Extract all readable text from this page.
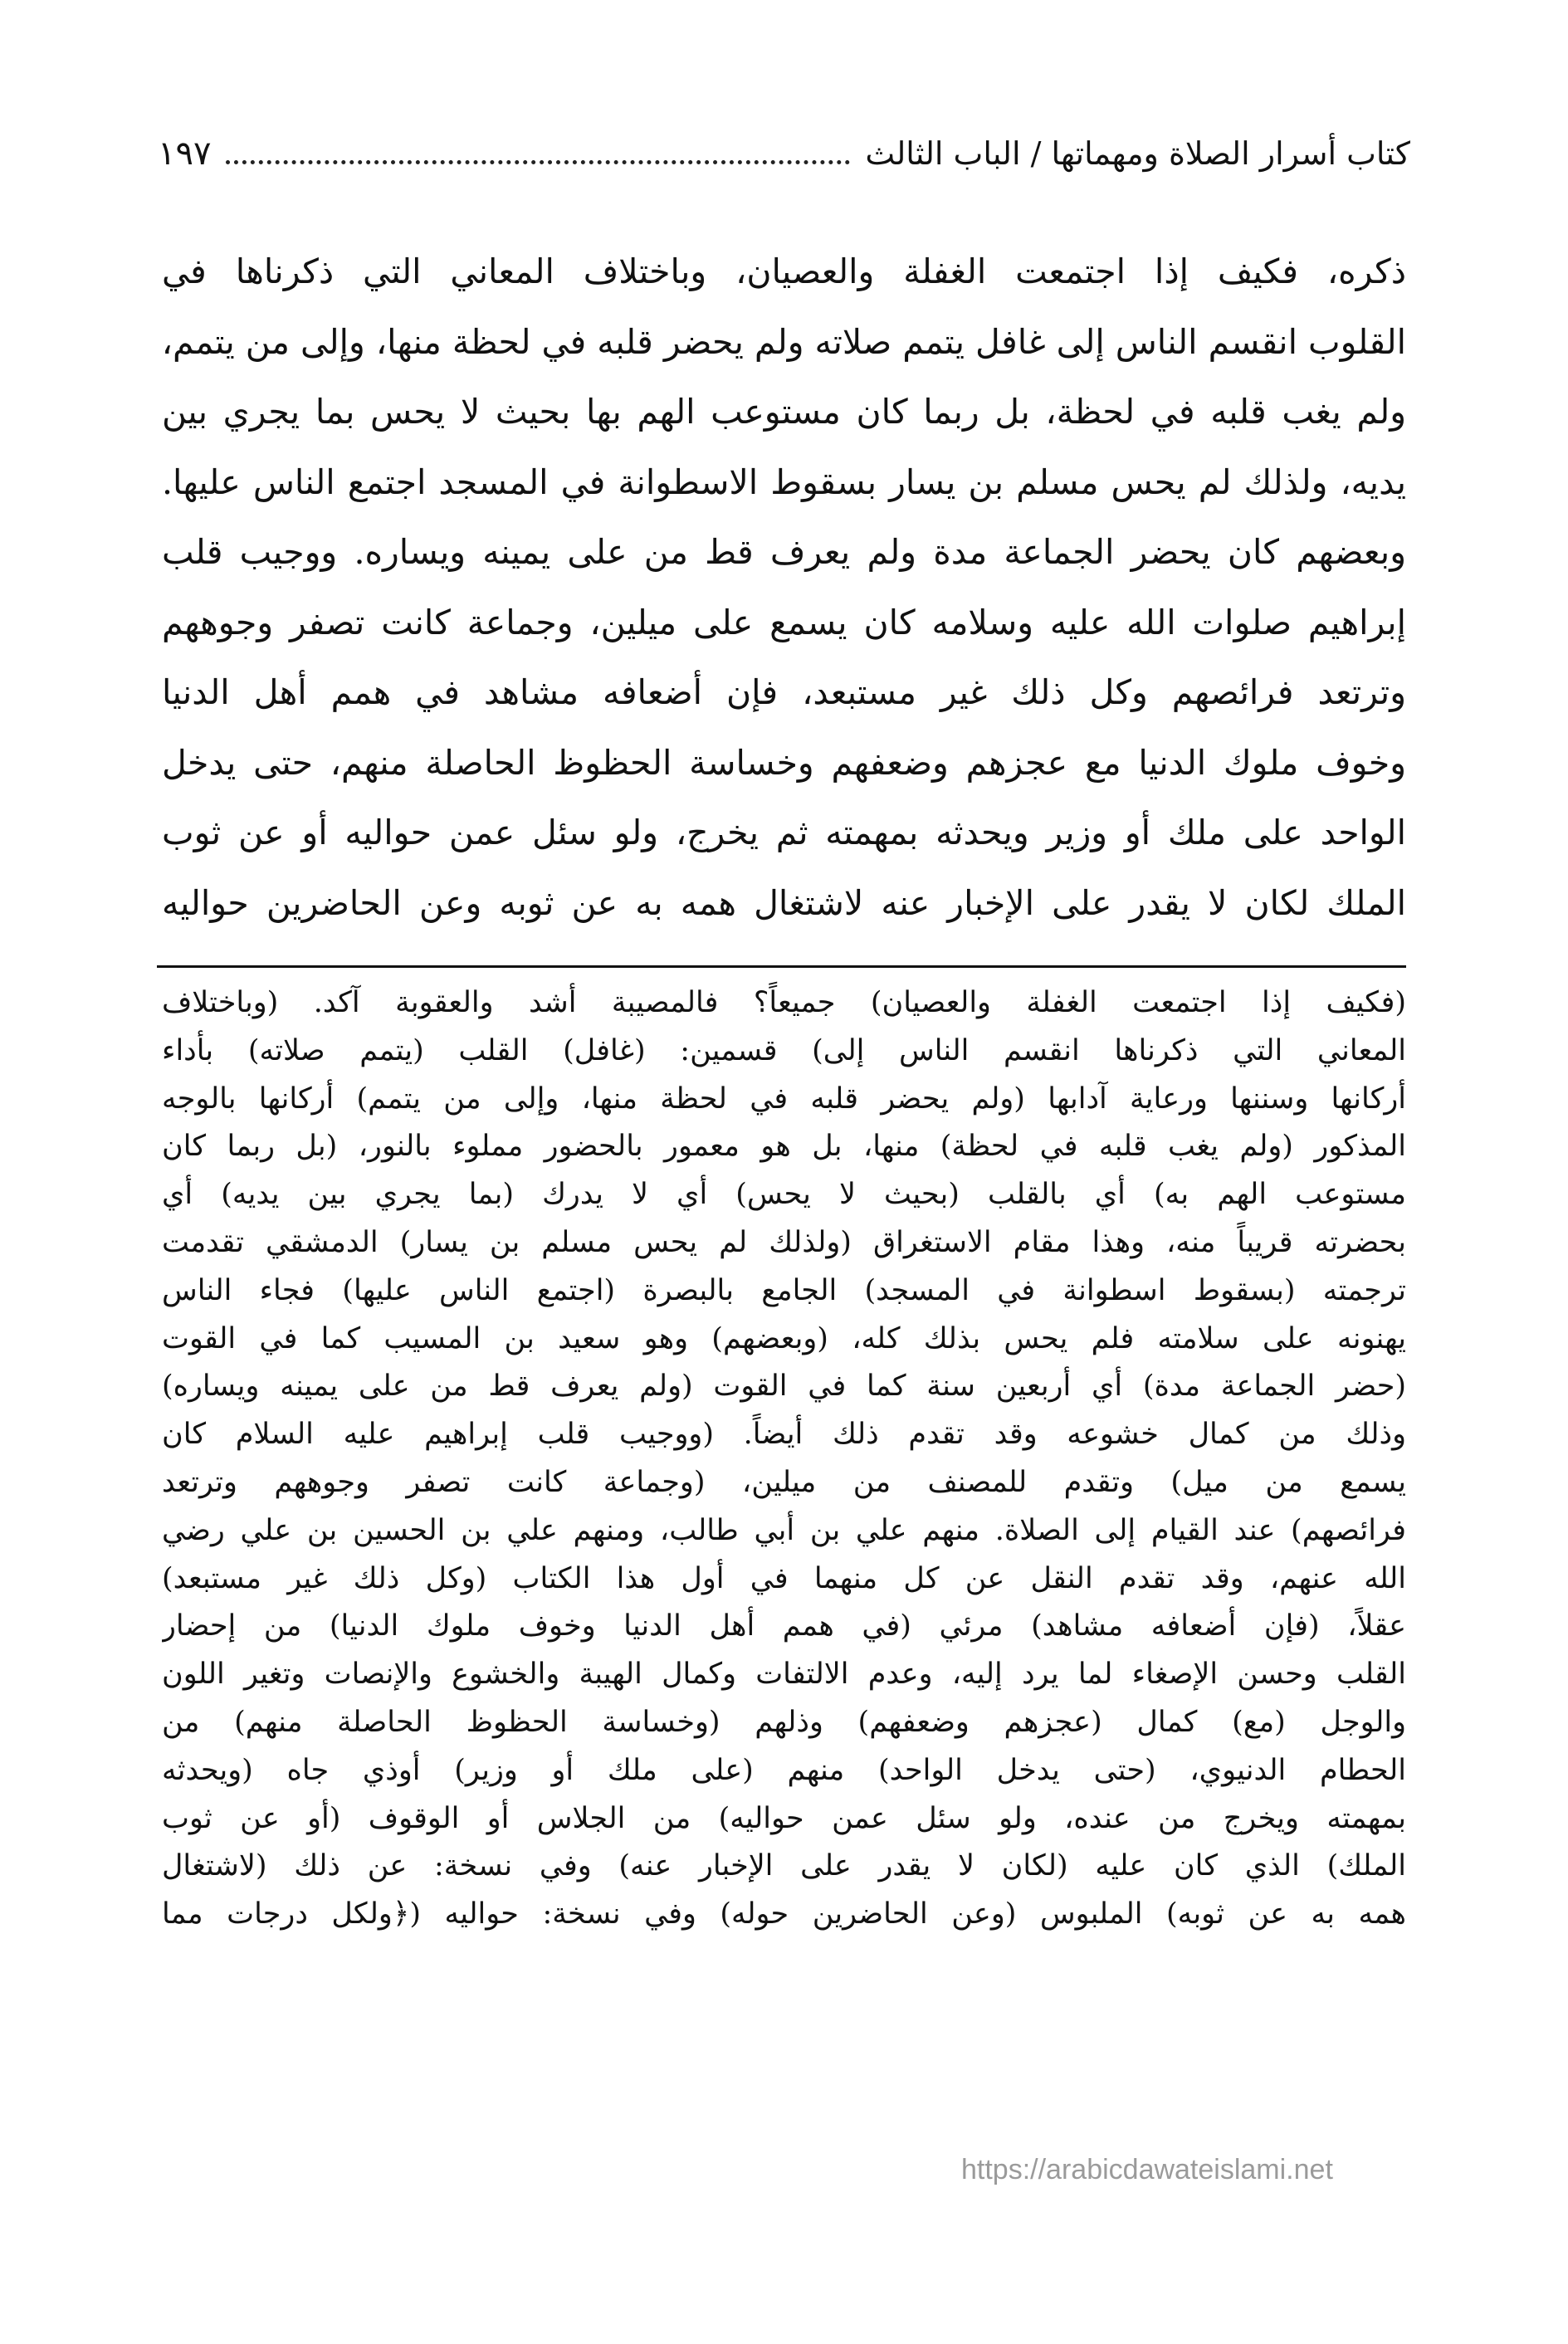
كتاب أسرار الصلاة ومهماتها / الباب الثالث
١٩٧
ذكره، فكيف إذا اجتمعت الغفلة والعصيان، وباختلاف المعاني التي ذكرناها في
القلوب انقسم الناس إلى غافل يتمم صلاته ولم يحضر قلبه في لحظة منها، وإلى من يتمم،
ولم يغب قلبه في لحظة، بل ربما كان مستوعب الهم بها بحيث لا يحس بما يجري بين
يديه، ولذلك لم يحس مسلم بن يسار بسقوط الاسطوانة في المسجد اجتمع الناس عليها.
وبعضهم كان يحضر الجماعة مدة ولم يعرف قط من على يمينه ويساره. ووجيب قلب
إبراهيم صلوات الله عليه وسلامه كان يسمع على ميلين، وجماعة كانت تصفر وجوههم
وترتعد فرائصهم وكل ذلك غير مستبعد، فإن أضعافه مشاهد في همم أهل الدنيا
وخوف ملوك الدنيا مع عجزهم وضعفهم وخساسة الحظوظ الحاصلة منهم، حتى يدخل
الواحد على ملك أو وزير ويحدثه بمهمته ثم يخرج، ولو سئل عمن حواليه أو عن ثوب
الملك لكان لا يقدر على الإخبار عنه لاشتغال همه به عن ثوبه وعن الحاضرين حواليه
(فكيف إذا اجتمعت الغفلة والعصيان) جميعاً؟ فالمصيبة أشد والعقوبة آكد. (وباختلاف
المعاني التي ذكرناها انقسم الناس إلى) قسمين: (غافل) القلب (يتمم صلاته) بأداء
أركانها وسننها ورعاية آدابها (ولم يحضر قلبه في لحظة منها، وإلى من يتمم) أركانها بالوجه
المذكور (ولم يغب قلبه في لحظة) منها، بل هو معمور بالحضور مملوء بالنور، (بل ربما كان
مستوعب الهم به) أي بالقلب (بحيث لا يحس) أي لا يدرك (بما يجري بين يديه) أي
بحضرته قريباً منه، وهذا مقام الاستغراق (ولذلك لم يحس مسلم بن يسار) الدمشقي تقدمت
ترجمته (بسقوط اسطوانة في المسجد) الجامع بالبصرة (اجتمع الناس عليها) فجاء الناس
يهنونه على سلامته فلم يحس بذلك كله، (وبعضهم) وهو سعيد بن المسيب كما في القوت
(حضر الجماعة مدة) أي أربعين سنة كما في القوت (ولم يعرف قط من على يمينه ويساره)
وذلك من كمال خشوعه وقد تقدم ذلك أيضاً. (ووجيب قلب إبراهيم عليه السلام كان
يسمع من ميل) وتقدم للمصنف من ميلين، (وجماعة كانت تصفر وجوههم وترتعد
فرائصهم) عند القيام إلى الصلاة. منهم علي بن أبي طالب، ومنهم علي بن الحسين بن علي رضي
الله عنهم، وقد تقدم النقل عن كل منهما في أول هذا الكتاب (وكل ذلك غير مستبعد)
عقلاً، (فإن أضعافه مشاهد) مرئي (في همم أهل الدنيا وخوف ملوك الدنيا) من إحضار
القلب وحسن الإصغاء لما يرد إليه، وعدم الالتفات وكمال الهيبة والخشوع والإنصات وتغير اللون
والوجل (مع) كمال (عجزهم وضعفهم) وذلهم (وخساسة الحظوظ الحاصلة منهم) من
الحطام الدنيوي، (حتى يدخل الواحد) منهم (على ملك أو وزير) أوذي جاه (ويحدثه
بمهمته ويخرج من عنده، ولو سئل عمن حواليه) من الجلاس أو الوقوف (أو عن ثوب
الملك) الذي كان عليه (لكان لا يقدر على الإخبار عنه) وفي نسخة: عن ذلك (لاشتغال
همه به عن ثوبه) الملبوس (وعن الحاضرين حوله) وفي نسخة: حواليه (﴿ولكل درجات مما
https://arabicdawateislami.net
